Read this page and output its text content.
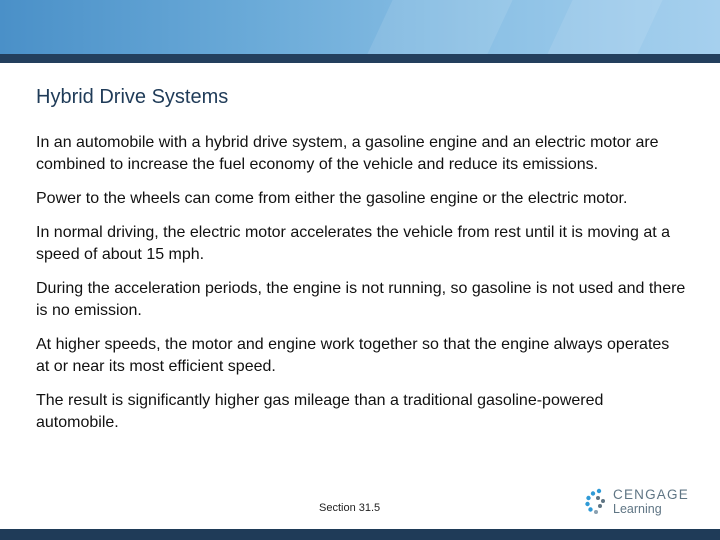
Hybrid Drive Systems

In an automobile with a hybrid drive system, a gasoline engine and an electric motor are combined to increase the fuel economy of the vehicle and reduce its emissions.

Power to the wheels can come from either the gasoline engine or the electric motor.

In normal driving, the electric motor accelerates the vehicle from rest until it is moving at a speed of about 15 mph.

During the acceleration periods, the engine is not running, so gasoline is not used and there is no emission.

At higher speeds, the motor and engine work together so that the engine always operates at or near its most efficient speed.

The result is significantly higher gas mileage than a traditional gasoline-powered automobile.

Section 31.5
CENGAGE
Learning
